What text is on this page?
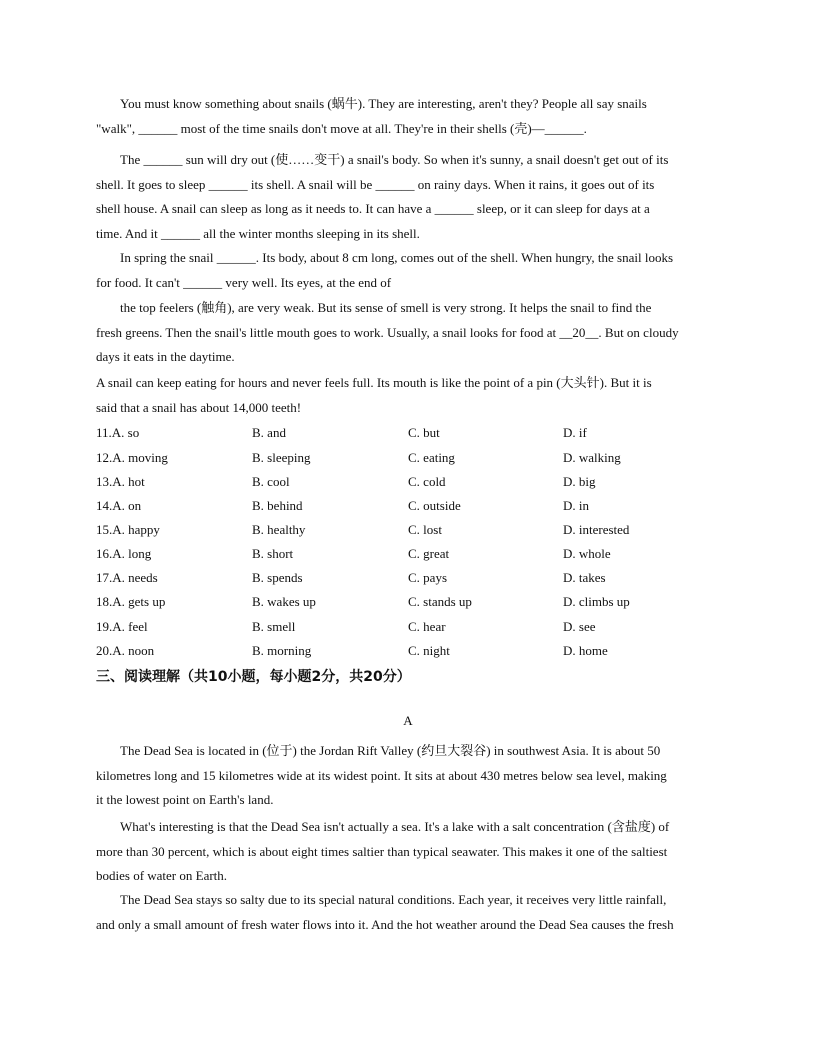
You must know something about snails (蜗牛). They are interesting, aren't they? People all say snails
"walk", ______ most of the time snails don't move at all. They're in their shells (壳)—______.
The ______ sun will dry out (使……变干) a snail's body. So when it's sunny, a snail doesn't get out of its
shell. It goes to sleep ______ its shell. A snail will be ______ on rainy days. When it rains, it goes out of its
shell house. A snail can sleep as long as it needs to. It can have a ______ sleep, or it can sleep for days at a
time. And it ______ all the winter months sleeping in its shell.
In spring the snail ______. Its body, about 8 cm long, comes out of the shell. When hungry, the snail looks
for food. It can't ______ very well. Its eyes, at the end of
the top feelers (触角), are very weak. But its sense of smell is very strong. It helps the snail to find the
fresh greens. Then the snail's little mouth goes to work. Usually, a snail looks for food at __20__. But on cloudy
days it eats in the daytime.
A snail can keep eating for hours and never feels full. Its mouth is like the point of a pin (大头针). But it is
said that a snail has about 14,000 teeth!
11.A. so	B. and	C. but	D. if
12.A. moving	B. sleeping	C. eating	D. walking
13.A. hot	B. cool	C. cold	D. big
14.A. on	B. behind	C. outside	D. in
15.A. happy	B. healthy	C. lost	D. interested
16.A. long	B. short	C. great	D. whole
17.A. needs	B. spends	C. pays	D. takes
18.A. gets up	B. wakes up	C. stands up	D. climbs up
19.A. feel	B. smell	C. hear	D. see
20.A. noon	B. morning	C. night	D. home
三、阅读理解（共10小题，每小题2分，共20分）
A
The Dead Sea is located in (位于) the Jordan Rift Valley (约旦大裂谷) in southwest Asia. It is about 50
kilometres long and 15 kilometres wide at its widest point. It sits at about 430 metres below sea level, making
it the lowest point on Earth's land.
What's interesting is that the Dead Sea isn't actually a sea. It's a lake with a salt concentration (含盐度) of
more than 30 percent, which is about eight times saltier than typical seawater. This makes it one of the saltiest
bodies of water on Earth.
The Dead Sea stays so salty due to its special natural conditions. Each year, it receives very little rainfall,
and only a small amount of fresh water flows into it. And the hot weather around the Dead Sea causes the fresh
